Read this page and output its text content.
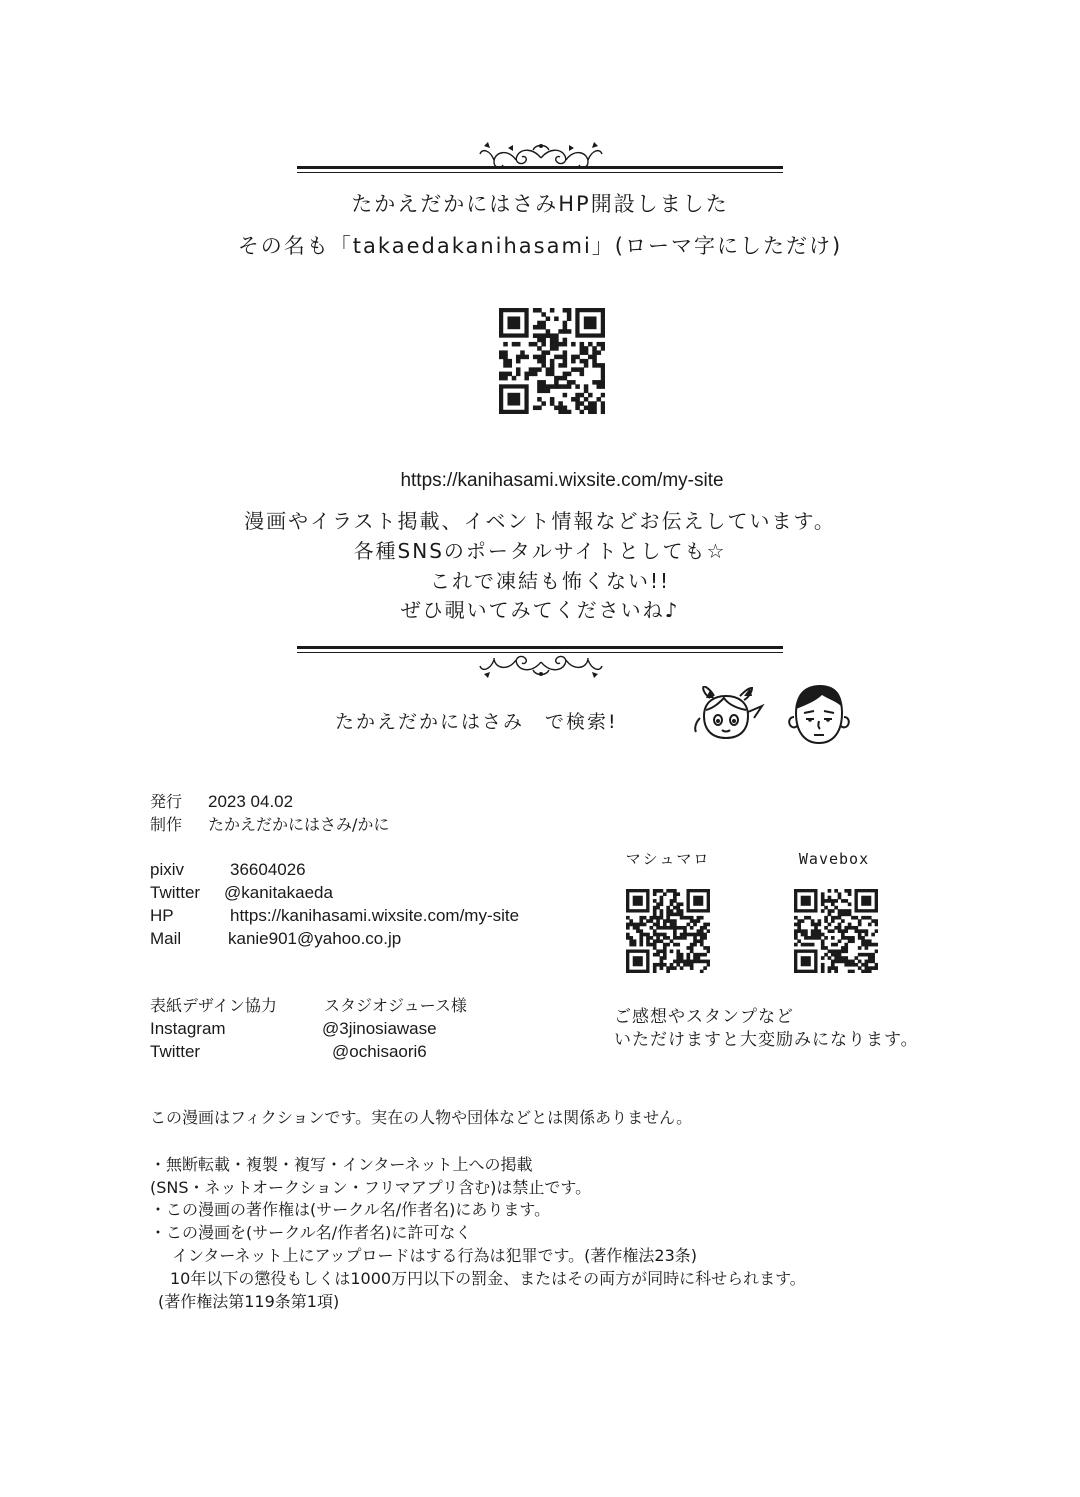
たかえだかにはさみHP開設しました
その名も「takaedakanihasami」(ローマ字にしただけ)
https://kanihasami.wixsite.com/my-site
漫画やイラスト掲載、イベント情報などお伝えしています。
各種SNSのポータルサイトとしても☆
これで凍結も怖くない!!
ぜひ覗いてみてくださいね♪
たかえだかにはさみ　で検索!
発行	2023 04.02
制作	たかえだかにはさみ/かに
pixiv	36604026
Twitter	@kanitakaeda
HP	https://kanihasami.wixsite.com/my-site
Mail	kanie901@yahoo.co.jp
表紙デザイン協力	スタジオジュース様
Instagram	@3jinosiawase
Twitter	@ochisaori6
マシュマロ	Wavebox
ご感想やスタンプなど
いただけますと大変励みになります。
この漫画はフィクションです。実在の人物や団体などとは関係ありません。
・無断転載・複製・複写・インターネット上への掲載
(SNS・ネットオークション・フリマアプリ含む)は禁止です。
・この漫画の著作権は(サークル名/作者名)にあります。
・この漫画を(サークル名/作者名)に許可なく
インターネット上にアップロードはする行為は犯罪です。(著作権法23条)
10年以下の懲役もしくは1000万円以下の罰金、またはその両方が同時に科せられます。
(著作権法第119条第1項)
